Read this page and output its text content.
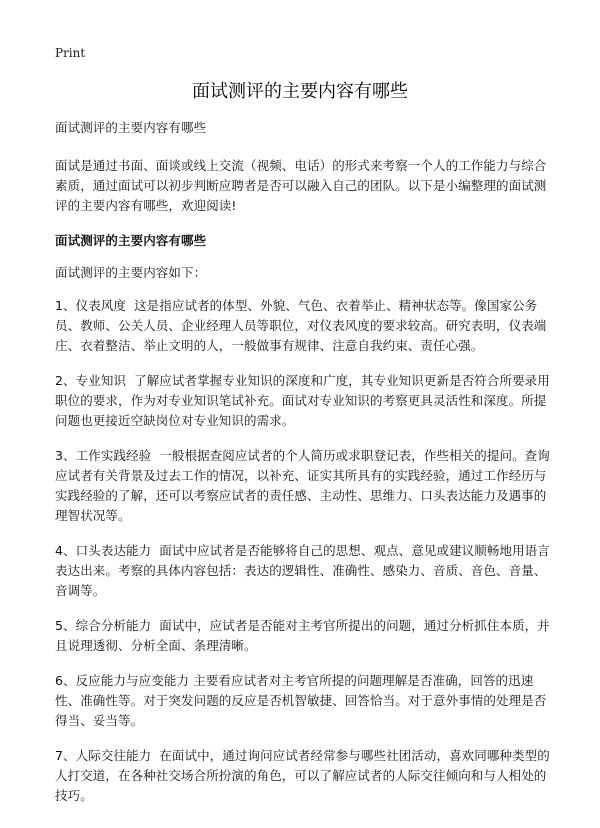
Print
面试测评的主要内容有哪些

面试测评的主要内容有哪些

面试是通过书面、面谈或线上交流（视频、电话）的形式来考察一个人的工作能力与综合素质，通过面试可以初步判断应聘者是否可以融入自己的团队。以下是小编整理的面试测评的主要内容有哪些，欢迎阅读!

面试测评的主要内容有哪些

面试测评的主要内容如下：

1、仪表风度 这是指应试者的体型、外貌、气色、衣着举止、精神状态等。像国家公务员、教师、公关人员、企业经理人员等职位，对仪表风度的要求较高。研究表明，仪表端庄、衣着整洁、举止文明的人，一般做事有规律、注意自我约束、责任心强。

2、专业知识 了解应试者掌握专业知识的深度和广度，其专业知识更新是否符合所要录用职位的要求，作为对专业知识笔试补充。面试对专业知识的考察更具灵活性和深度。所提问题也更接近空缺岗位对专业知识的需求。

3、工作实践经验 一般根据查阅应试者的个人简历或求职登记表，作些相关的提问。查询应试者有关背景及过去工作的情况，以补充、证实其所具有的实践经验，通过工作经历与实践经验的了解，还可以考察应试者的责任感、主动性、思维力、口头表达能力及遇事的理智状况等。

4、口头表达能力 面试中应试者是否能够将自己的思想、观点、意见或建议顺畅地用语言表达出来。考察的具体内容包括：表达的逻辑性、准确性、感染力、音质、音色、音量、音调等。

5、综合分析能力 面试中，应试者是否能对主考官所提出的问题，通过分析抓住本质，并且说理透彻、分析全面、条理清晰。

6、反应能力与应变能力 主要看应试者对主考官所提的问题理解是否准确，回答的迅速性、准确性等。对于突发问题的反应是否机智敏捷、回答恰当。对于意外事情的处理是否得当、妥当等。

7、人际交往能力 在面试中，通过询问应试者经常参与哪些社团活动，喜欢同哪种类型的人打交道，在各种社交场合所扮演的角色，可以了解应试者的人际交往倾向和与人相处的技巧。
